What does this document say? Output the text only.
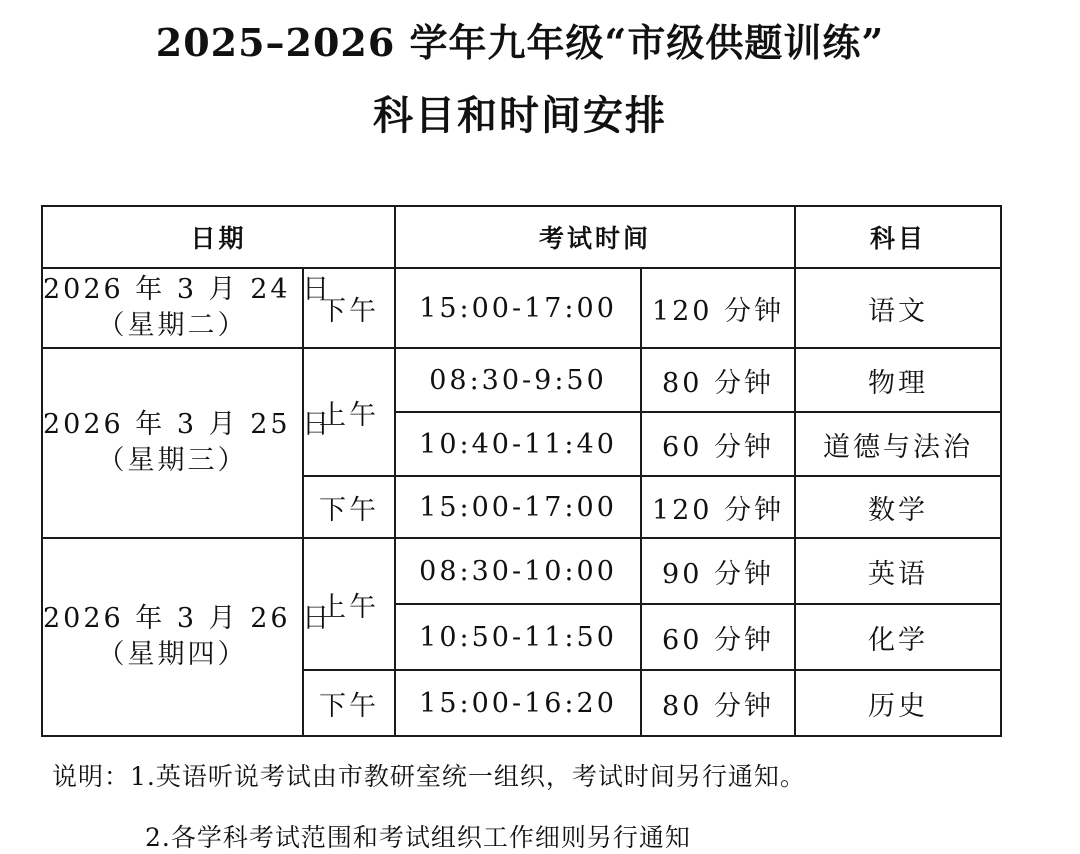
2025–2026 学年九年级“市级供题训练”
科目和时间安排
日期		考试时间		科目

2026 年 3 月 24 日
（星期二）	下午	15:00-17:00	120 分钟	语文

2026 年 3 月 25 日
（星期三）	上午	08:30-9:50	80 分钟	物理
		10:40-11:40	60 分钟	道德与法治
	下午	15:00-17:00	120 分钟	数学

2026 年 3 月 26 日
（星期四）	上午	08:30-10:00	90 分钟	英语
		10:50-11:50	60 分钟	化学
	下午	15:00-16:20	80 分钟	历史
说明：1.英语听说考试由市教研室统一组织，考试时间另行通知。
2.各学科考试范围和考试组织工作细则另行通知
